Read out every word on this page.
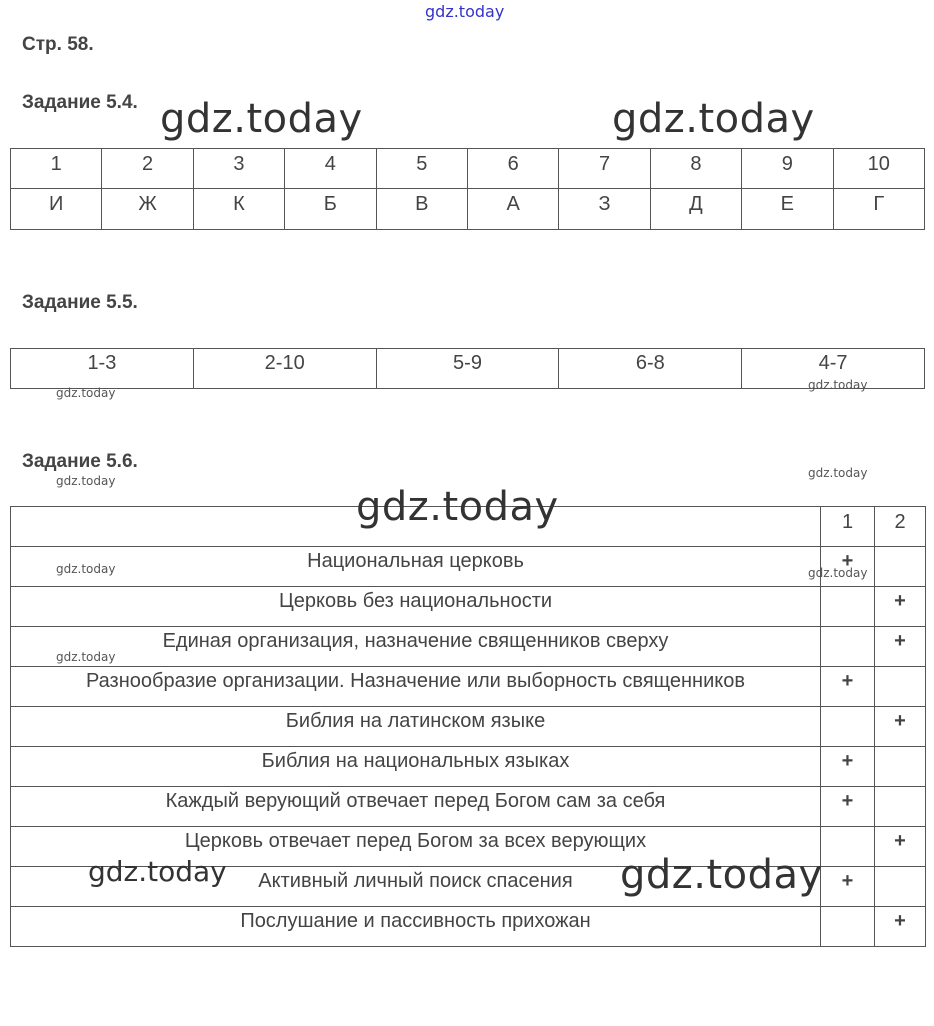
gdz.today
Стр. 58.
Задание 5.4.
1	2	3	4	5	6	7	8	9	10
И	Ж	К	Б	В	А	З	Д	Е	Г
Задание 5.5.
1-3	2-10	5-9	6-8	4-7
Задание 5.6.
	1	2
Национальная церковь	+	
Церковь без национальности		+
Единая организация, назначение священников сверху		+
Разнообразие организации. Назначение или выборность священников	+	
Библия на латинском языке		+
Библия на национальных языках	+	
Каждый верующий отвечает перед Богом сам за себя	+	
Церковь отвечает перед Богом за всех верующих		+
Активный личный поиск спасения	+	
Послушание и пассивность прихожан		+
gdz.today	gdz.today
gdz.today
gdz.today
gdz.today
gdz.today
gdz.today
gdz.today	gdz.today
gdz.today
gdz.today	gdz.today
